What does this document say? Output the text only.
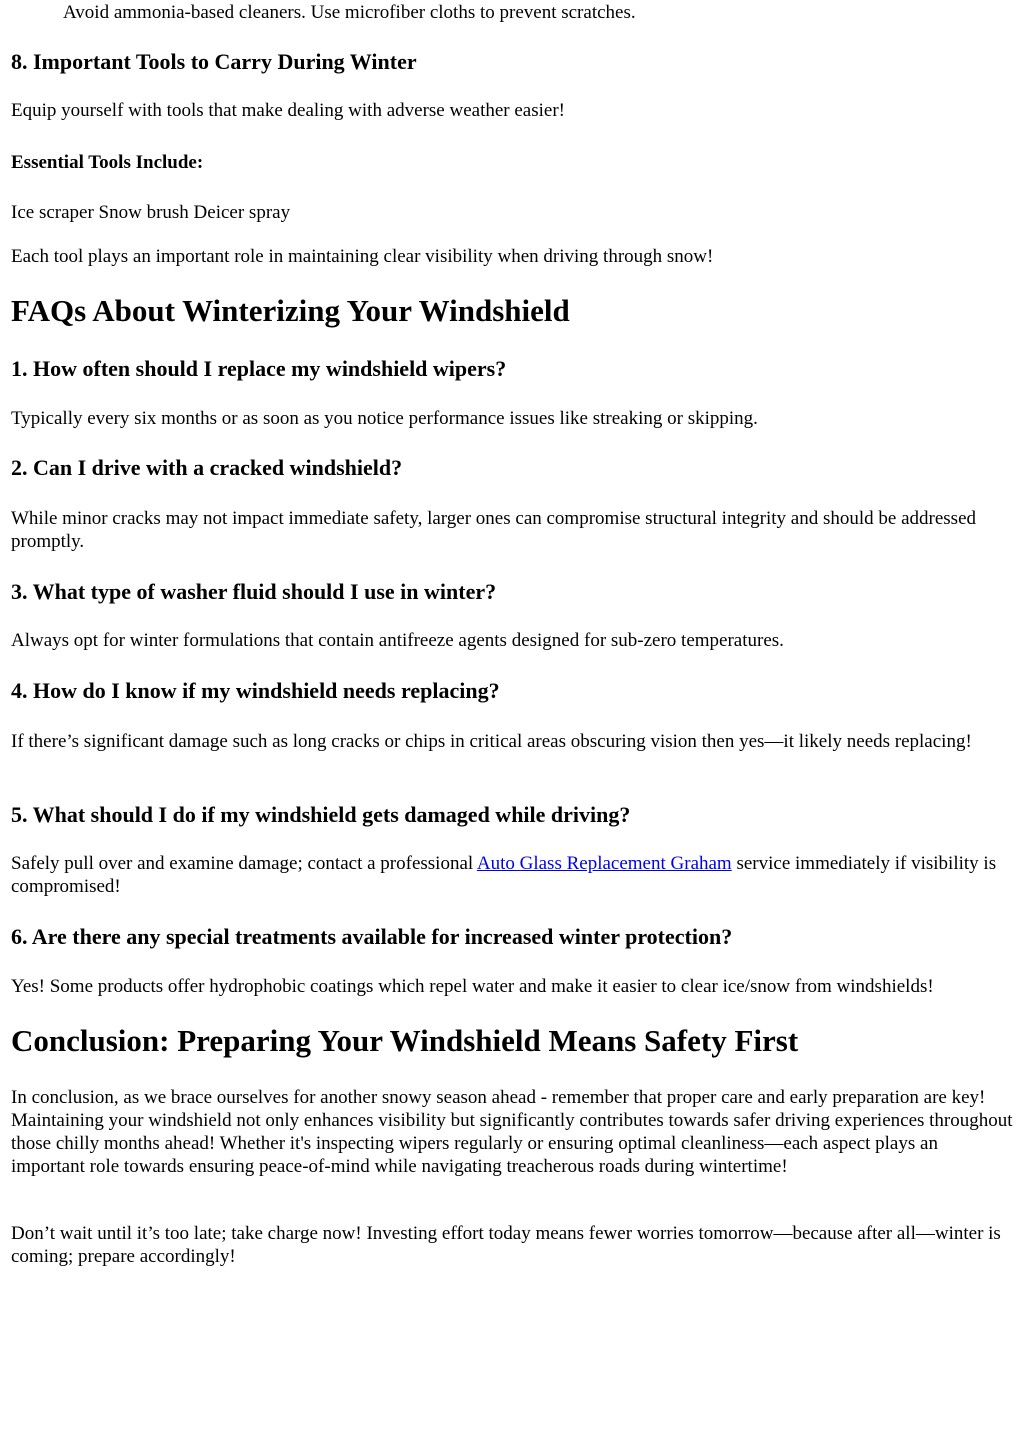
Avoid ammonia-based cleaners. Use microfiber cloths to prevent scratches.

8. Important Tools to Carry During Winter

Equip yourself with tools that make dealing with adverse weather easier!

Essential Tools Include:

Ice scraper Snow brush Deicer spray

Each tool plays an important role in maintaining clear visibility when driving through snow!

FAQs About Winterizing Your Windshield
1. How often should I replace my windshield wipers?

Typically every six months or as soon as you notice performance issues like streaking or skipping.

2. Can I drive with a cracked windshield?

While minor cracks may not impact immediate safety, larger ones can compromise structural integrity and should be addressed promptly.

3. What type of washer fluid should I use in winter?

Always opt for winter formulations that contain antifreeze agents designed for sub-zero temperatures.

4. How do I know if my windshield needs replacing?

If there’s significant damage such as long cracks or chips in critical areas obscuring vision then yes—it likely needs replacing!

5. What should I do if my windshield gets damaged while driving?

Safely pull over and examine damage; contact a professional Auto Glass Replacement Graham service immediately if visibility is compromised!

6. Are there any special treatments available for increased winter protection?

Yes! Some products offer hydrophobic coatings which repel water and make it easier to clear ice/snow from windshields!

Conclusion: Preparing Your Windshield Means Safety First

In conclusion, as we brace ourselves for another snowy season ahead - remember that proper care and early preparation are key! Maintaining your windshield not only enhances visibility but significantly contributes towards safer driving experiences throughout those chilly months ahead! Whether it's inspecting wipers regularly or ensuring optimal cleanliness—each aspect plays an important role towards ensuring peace-of-mind while navigating treacherous roads during wintertime!

Don’t wait until it’s too late; take charge now! Investing effort today means fewer worries tomorrow—because after all—winter is coming; prepare accordingly!
